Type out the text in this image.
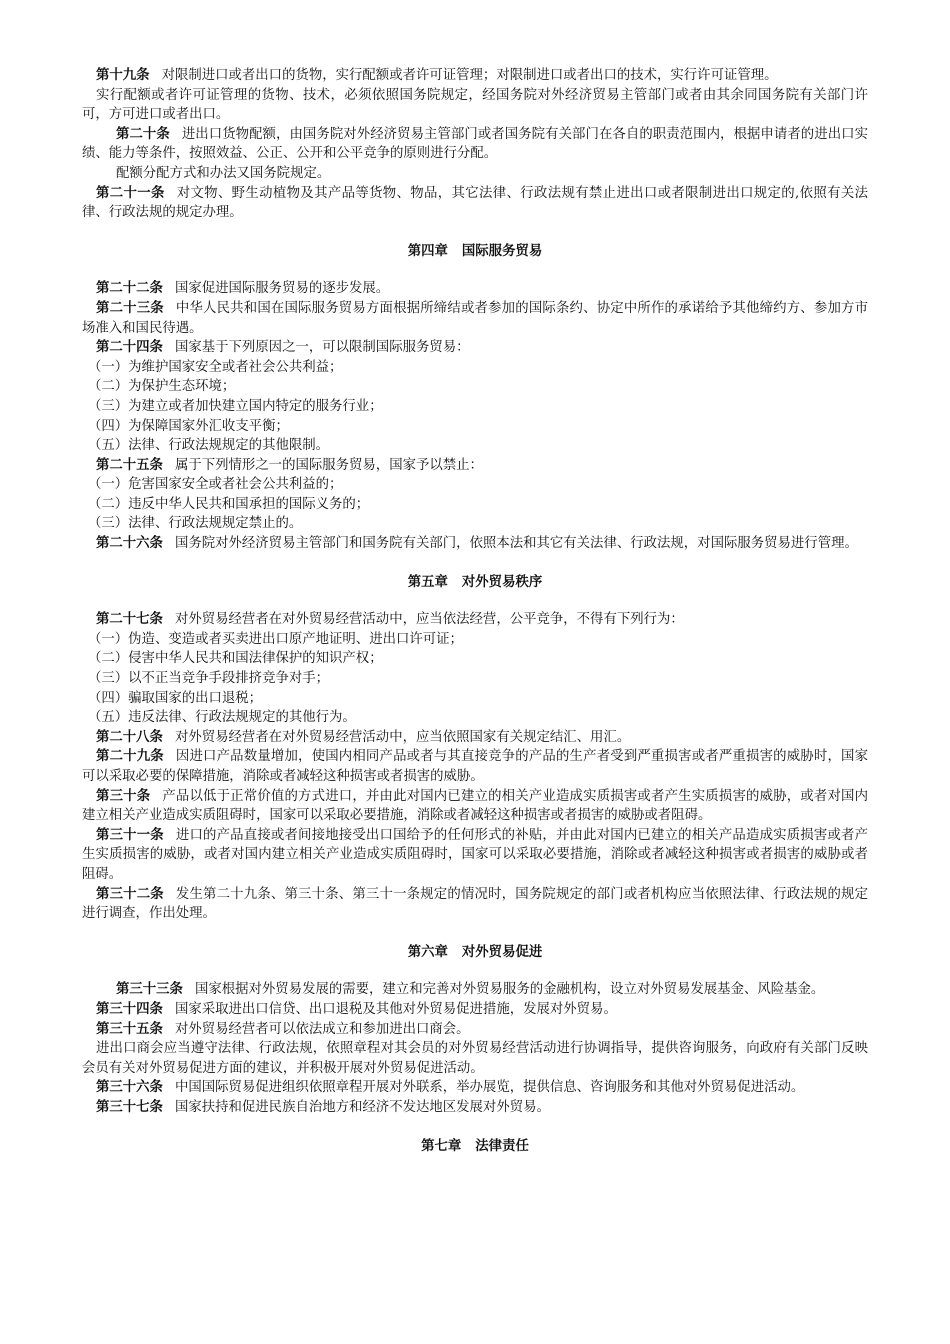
第十九条 对限制进口或者出口的货物，实行配额或者许可证管理；对限制进口或者出口的技术，实行许可证管理。

实行配额或者许可证管理的货物、技术，必须依照国务院规定，经国务院对外经济贸易主管部门或者由其余同国务院有关部门许可，方可进口或者出口。

第二十条 进出口货物配额，由国务院对外经济贸易主管部门或者国务院有关部门在各自的职责范围内，根据申请者的进出口实绩、能力等条件，按照效益、公正、公开和公平竞争的原则进行分配。

配额分配方式和办法又国务院规定。

第二十一条 对文物、野生动植物及其产品等货物、物品，其它法律、行政法规有禁止进出口或者限制进出口规定的,依照有关法律、行政法规的规定办理。

第四章 国际服务贸易

第二十二条 国家促进国际服务贸易的逐步发展。

第二十三条 中华人民共和国在国际服务贸易方面根据所缔结或者参加的国际条约、协定中所作的承诺给予其他缔约方、参加方市场准入和国民待遇。

第二十四条 国家基于下列原因之一，可以限制国际服务贸易：

（一）为维护国家安全或者社会公共利益；

（二）为保护生态环境；

（三）为建立或者加快建立国内特定的服务行业；

（四）为保障国家外汇收支平衡；

（五）法律、行政法规规定的其他限制。

第二十五条 属于下列情形之一的国际服务贸易，国家予以禁止：

（一）危害国家安全或者社会公共利益的；

（二）违反中华人民共和国承担的国际义务的；

（三）法律、行政法规规定禁止的。

第二十六条 国务院对外经济贸易主管部门和国务院有关部门，依照本法和其它有关法律、行政法规，对国际服务贸易进行管理。

第五章 对外贸易秩序

第二十七条 对外贸易经营者在对外贸易经营活动中，应当依法经营，公平竞争，不得有下列行为：

（一）伪造、变造或者买卖进出口原产地证明、进出口许可证；

（二）侵害中华人民共和国法律保护的知识产权；

（三）以不正当竞争手段排挤竞争对手；

（四）骗取国家的出口退税；

（五）违反法律、行政法规规定的其他行为。

第二十八条 对外贸易经营者在对外贸易经营活动中，应当依照国家有关规定结汇、用汇。

第二十九条 因进口产品数量增加，使国内相同产品或者与其直接竞争的产品的生产者受到严重损害或者严重损害的威胁时，国家可以采取必要的保障措施，消除或者减轻这种损害或者损害的威胁。

第三十条 产品以低于正常价值的方式进口，并由此对国内已建立的相关产业造成实质损害或者产生实质损害的威胁，或者对国内建立相关产业造成实质阻碍时，国家可以采取必要措施，消除或者减轻这种损害或者损害的威胁或者阻碍。

第三十一条 进口的产品直接或者间接地接受出口国给予的任何形式的补贴，并由此对国内已建立的相关产品造成实质损害或者产生实质损害的威胁，或者对国内建立相关产业造成实质阻碍时，国家可以采取必要措施，消除或者减轻这种损害或者损害的威胁或者阻碍。

第三十二条 发生第二十九条、第三十条、第三十一条规定的情况时，国务院规定的部门或者机构应当依照法律、行政法规的规定进行调查，作出处理。

第六章 对外贸易促进

第三十三条 国家根据对外贸易发展的需要，建立和完善对外贸易服务的金融机构，设立对外贸易发展基金、风险基金。

第三十四条 国家采取进出口信贷、出口退税及其他对外贸易促进措施，发展对外贸易。

第三十五条 对外贸易经营者可以依法成立和参加进出口商会。

进出口商会应当遵守法律、行政法规，依照章程对其会员的对外贸易经营活动进行协调指导，提供咨询服务，向政府有关部门反映会员有关对外贸易促进方面的建议，并积极开展对外贸易促进活动。

第三十六条 中国国际贸易促进组织依照章程开展对外联系，举办展览，提供信息、咨询服务和其他对外贸易促进活动。

第三十七条 国家扶持和促进民族自治地方和经济不发达地区发展对外贸易。

第七章 法律责任
